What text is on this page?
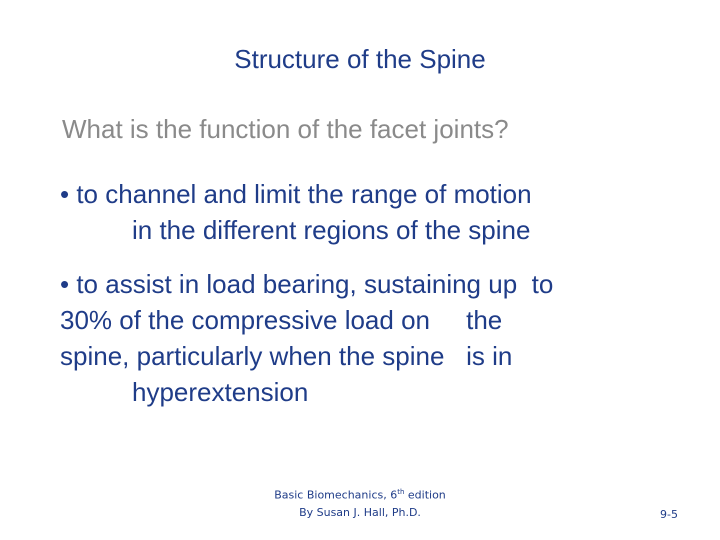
Structure of the Spine
What is the function of the facet joints?
• to channel and limit the range of motion
in the different regions of the spine
• to assist in load bearing, sustaining up  to
30% of the compressive load on     the
spine, particularly when the spine   is in
hyperextension
Basic Biomechanics, 6th edition
By Susan J. Hall, Ph.D.	9-5
